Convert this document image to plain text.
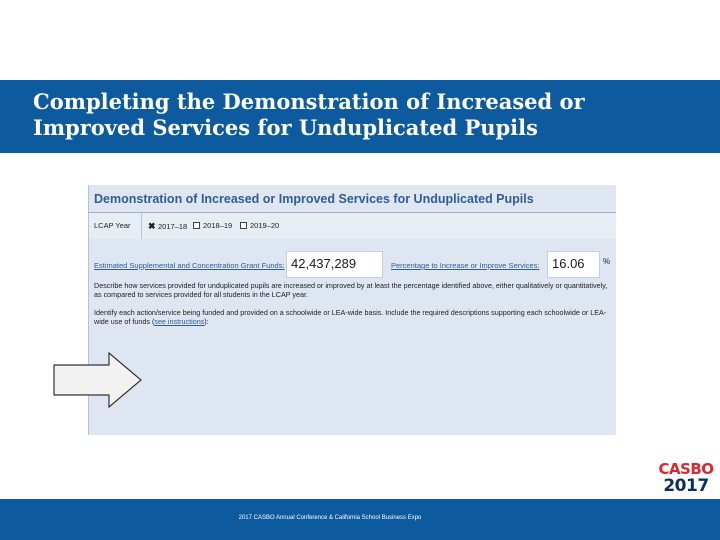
Completing the Demonstration of Increased or Improved Services for Unduplicated Pupils
Demonstration of Increased or Improved Services for Unduplicated Pupils
LCAP Year ✖ 2017–18	2018–19	2019–20
Estimated Supplemental and Concentration Grant Funds: 42,437,289	Percentage to Increase or Improve Services: 16.06	%
Describe how services provided for unduplicated pupils are increased or improved by at least the percentage identified above, either qualitatively or quantitatively, as compared to services provided for all students in the LCAP year.
Identify each action/service being funded and provided on a schoolwide or LEA-wide basis. Include the required descriptions supporting each schoolwide or LEA-wide use of funds (see instructions):
CASBO
2017
2017 CASBO Annual Conference & California School Business Expo
